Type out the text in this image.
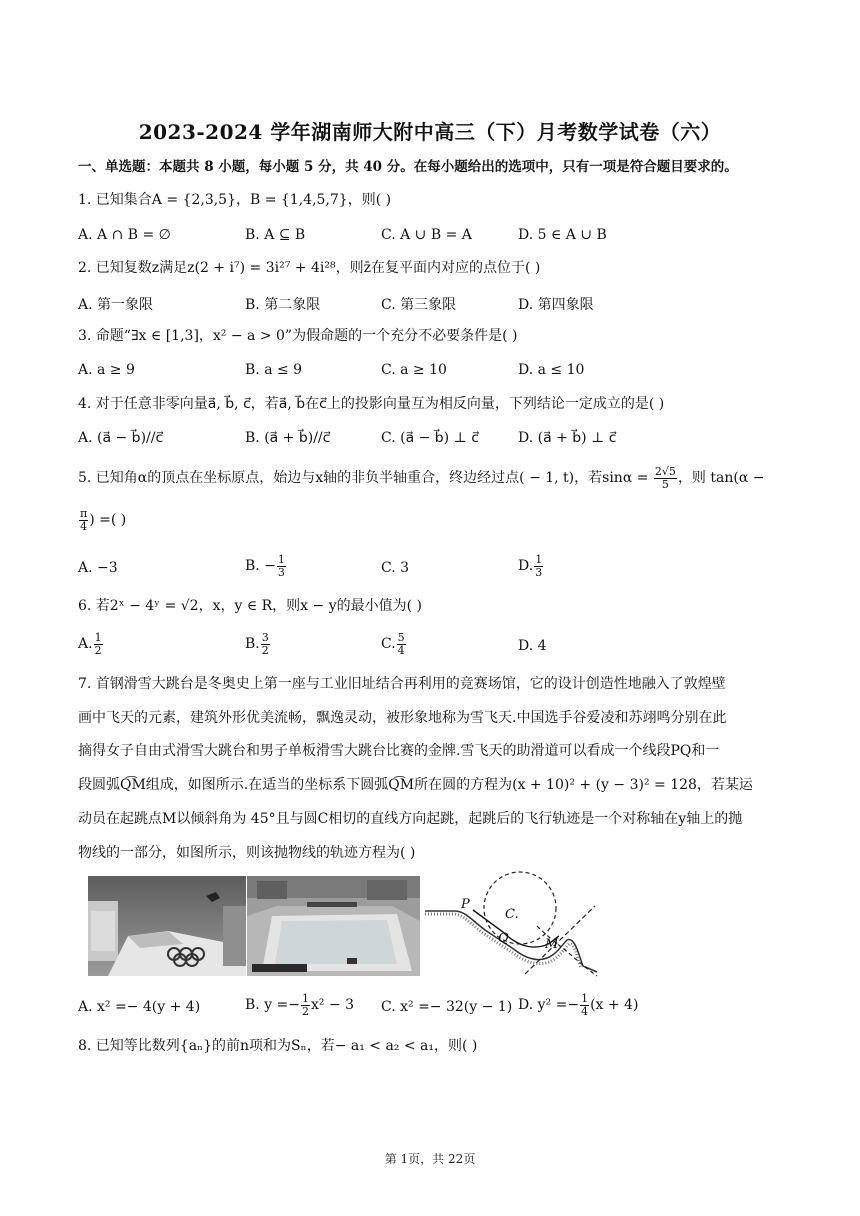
2023-2024 学年湖南师大附中高三（下）月考数学试卷（六）
一、单选题：本题共 8 小题，每小题 5 分，共 40 分。在每小题给出的选项中，只有一项是符合题目要求的。
1. 已知集合A = {2,3,5}，B = {1,4,5,7}，则( )
A. A ∩ B = ∅	B. A ⊆ B	C. A ∪ B = A	D. 5 ∈ A ∪ B
2. 已知复数z满足z(2 + i⁷) = 3i²⁷ + 4i²⁸，则z̄在复平面内对应的点位于( )
A. 第一象限	B. 第二象限	C. 第三象限	D. 第四象限
3. 命题“∃x ∈ [1,3]，x² − a > 0”为假命题的一个充分不必要条件是( )
A. a ≥ 9	B. a ≤ 9	C. a ≥ 10	D. a ≤ 10
4. 对于任意非零向量a⃗, b⃗, c⃗，若a⃗, b⃗在c⃗上的投影向量互为相反向量，下列结论一定成立的是( )
A. (a⃗ − b⃗)//c⃗	B. (a⃗ + b⃗)//c⃗	C. (a⃗ − b⃗) ⊥ c⃗	D. (a⃗ + b⃗) ⊥ c⃗
5. 已知角α的顶点在坐标原点，始边与x轴的非负半轴重合，终边经过点( − 1, t)，若$\sin\alpha = \frac{2√5}{5}$ ，则 tan(α −
$\frac{\pi}{4}$ ) =( )
A. −3	B. − $\frac{1}{3}$	C. 3	D. $\frac{1}{3}$
6. 若2ˣ − 4ʸ = √2，x，y ∈ R，则x − y的最小值为( )
A. $\frac{1}{2}$	B. $\frac{3}{2}$	C. $\frac{5}{4}$	D. 4
7. 首钢滑雪大跳台是冬奥史上第一座与工业旧址结合再利用的竞赛场馆，它的设计创造性地融入了敦煌壁
画中飞天的元素，建筑外形优美流畅，飘逸灵动，被形象地称为雪飞天.中国选手谷爱凌和苏翊鸣分别在此
摘得女子自由式滑雪大跳台和男子单板滑雪大跳台比赛的金牌.雪飞天的助滑道可以看成一个线段PQ和一
段圆弧Q͡M组成，如图所示.在适当的坐标系下圆弧Q͡M所在圆的方程为(x + 10)² + (y − 3)² = 128，若某运
动员在起跳点M以倾斜角为 45°且与圆C相切的直线方向起跳，起跳后的飞行轨迹是一个对称轴在y轴上的抛
物线的一部分，如图所示，则该抛物线的轨迹方程为( )
P
C.
Q	M
A. x² =− 4(y + 4)	B. $y =- \frac{1}{2} x^2 - 3$ C. x² =− 32(y − 1) D. $y^2 =- \frac{1}{4} (x + 4)$
8. 已知等比数列{aₙ}的前n项和为Sₙ，若− a₁ < a₂ < a₁，则( )
第 1页，共 22页
